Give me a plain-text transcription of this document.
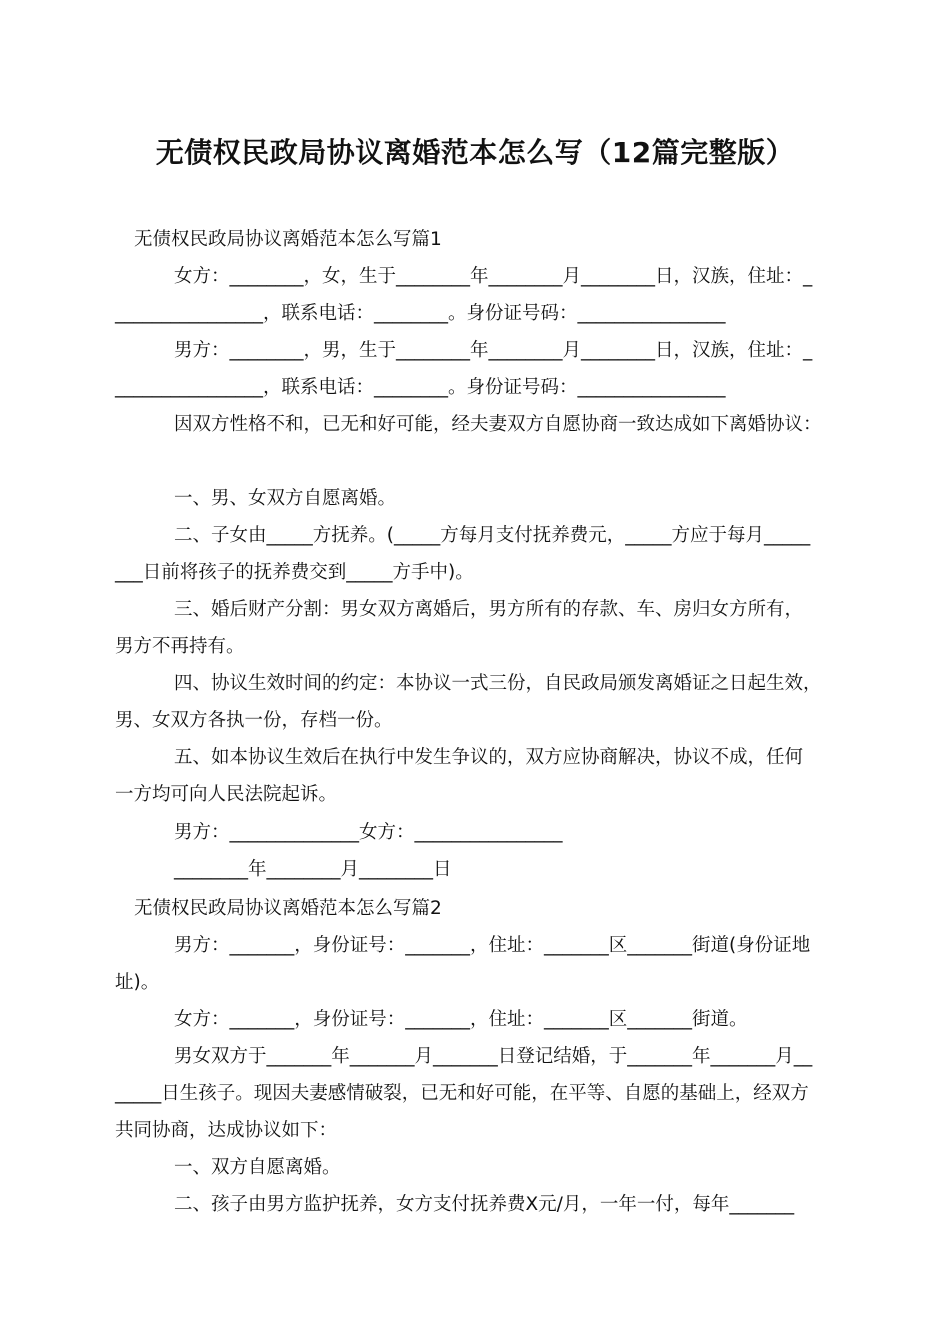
无债权民政局协议离婚范本怎么写（12篇完整版）
无债权民政局协议离婚范本怎么写篇1
女方：________，女，生于________年________月________日，汉族，住址：_
________________，联系电话：________。身份证号码：________________
男方：________，男，生于________年________月________日，汉族，住址：_
________________，联系电话：________。身份证号码：________________
因双方性格不和，已无和好可能，经夫妻双方自愿协商一致达成如下离婚协议：
一、男、女双方自愿离婚。
二、子女由_____方抚养。(_____方每月支付抚养费元，_____方应于每月_____
___日前将孩子的抚养费交到_____方手中)。
三、婚后财产分割：男女双方离婚后，男方所有的存款、车、房归女方所有，
男方不再持有。
四、协议生效时间的约定：本协议一式三份，自民政局颁发离婚证之日起生效，
男、女双方各执一份，存档一份。
五、如本协议生效后在执行中发生争议的，双方应协商解决，协议不成，任何
一方均可向人民法院起诉。
男方：______________女方：________________
________年________月________日
无债权民政局协议离婚范本怎么写篇2
男方：_______，身份证号：_______，住址：_______区_______街道(身份证地
址)。
女方：_______，身份证号：_______，住址：_______区_______街道。
男女双方于_______年_______月_______日登记结婚，于_______年_______月__
_____日生孩子。现因夫妻感情破裂，已无和好可能，在平等、自愿的基础上，经双方
共同协商，达成协议如下：
一、双方自愿离婚。
二、孩子由男方监护抚养，女方支付抚养费X元/月，一年一付，每年_______
